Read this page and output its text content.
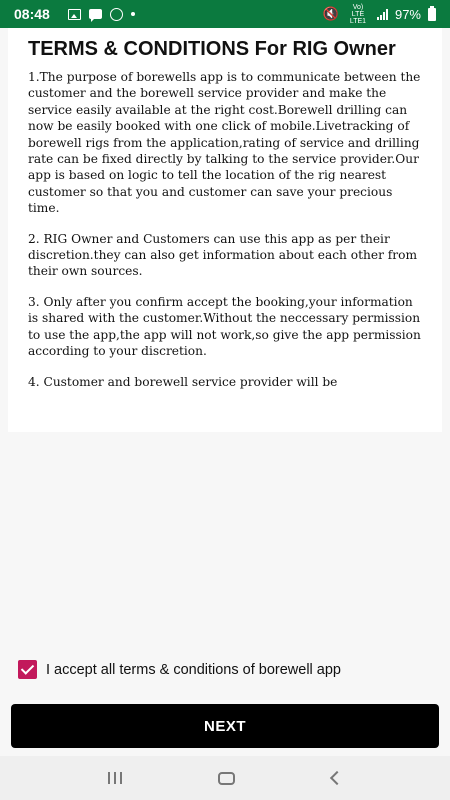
08:48	🔇	Vo) LTE LTE1 97%
TERMS & CONDITIONS For RIG Owner

1.The purpose of borewells app is to communicate between the customer and the borewell service provider and make the service easily available at the right cost.Borewell drilling can now be easily booked with one click of mobile.Livetracking of borewell rigs from the application,rating of service and drilling rate can be fixed directly by talking to the service provider.Our app is based on logic to tell the location of the rig nearest customer so that you and customer can save your precious time.

2. RIG Owner and Customers can use this app as per their discretion.they can also get information about each other from their own sources.

3. Only after you confirm accept the booking,your information is shared with the customer.Without the neccessary permission to use the app,the app will not work,so give the app permission according to your discretion.

4. Customer and borewell service provider will be

I accept all terms & conditions of borewell app
NEXT
